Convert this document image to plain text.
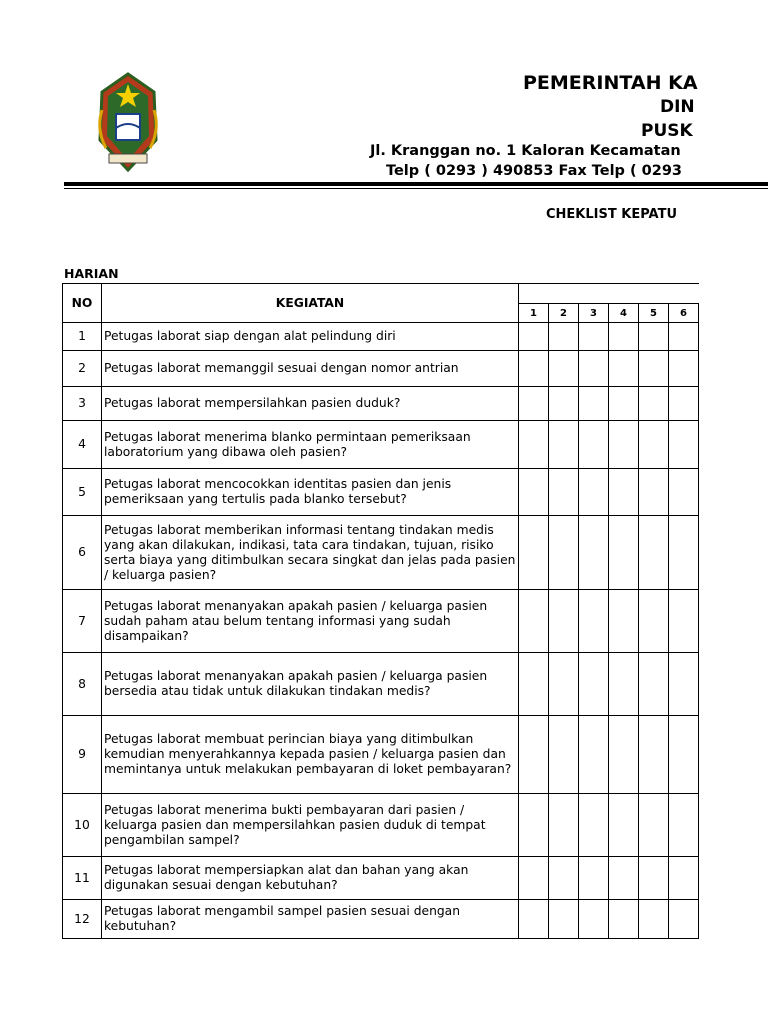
PEMERINTAH KA
DIN
PUSK
Jl. Kranggan no. 1 Kaloran Kecamatan
Telp ( 0293 ) 490853 Fax Telp ( 0293
CHEKLIST KEPATU
HARIAN
NO	KEGIATAN						
		1	2	3	4	5	6
1	Petugas laborat siap dengan alat pelindung diri						
2	Petugas laborat memanggil sesuai dengan nomor antrian						
3	Petugas laborat mempersilahkan pasien duduk?						
4	Petugas laborat menerima blanko permintaan pemeriksaan laboratorium yang dibawa oleh pasien?						
5	Petugas laborat mencocokkan identitas pasien dan jenis pemeriksaan yang tertulis pada blanko tersebut?						
6	Petugas laborat memberikan informasi tentang tindakan medis yang akan dilakukan, indikasi, tata cara tindakan, tujuan, risiko serta biaya yang ditimbulkan secara singkat dan jelas pada pasien / keluarga pasien?						
7	Petugas laborat menanyakan apakah pasien / keluarga pasien sudah paham atau belum tentang informasi yang sudah disampaikan?						
8	Petugas laborat menanyakan apakah pasien / keluarga pasien bersedia atau tidak untuk dilakukan tindakan medis?						
9	Petugas laborat membuat perincian biaya yang ditimbulkan kemudian menyerahkannya kepada pasien / keluarga pasien dan memintanya untuk melakukan pembayaran di loket pembayaran?						
10	Petugas laborat menerima bukti pembayaran dari pasien / keluarga pasien dan mempersilahkan pasien duduk di tempat pengambilan sampel?						
11	Petugas laborat mempersiapkan alat dan bahan yang akan digunakan sesuai dengan kebutuhan?						
12	Petugas laborat mengambil sampel pasien sesuai dengan kebutuhan?						
